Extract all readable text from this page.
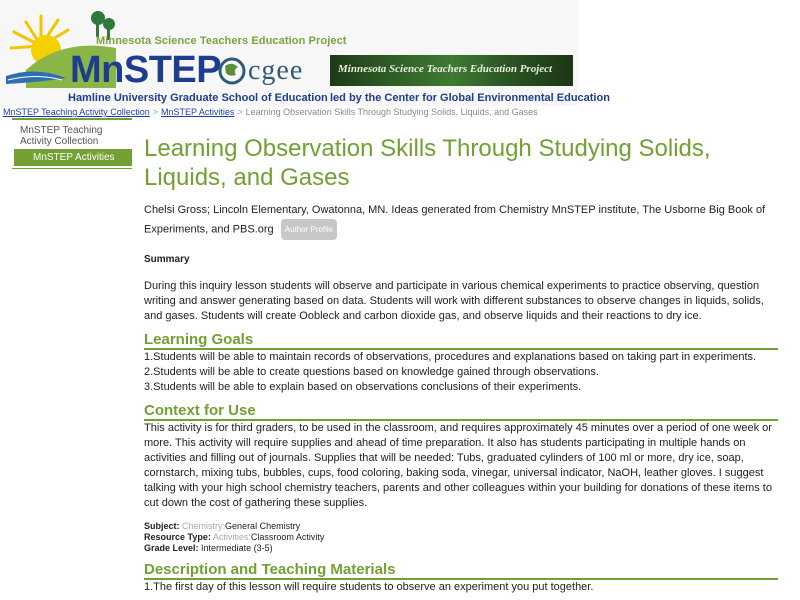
Minnesota Science Teachers Education Project
MnSTEP
Hamline University Graduate School of Education
cgee	Minnesota Science Teachers Education Project
led by the Center for Global Environmental Education
MnSTEP Teaching Activity Collection > MnSTEP Activities > Learning Observation Skills Through Studying Solids, Liquids, and Gases
MnSTEP Teaching Activity Collection
MnSTEP Activities	Learning Observation Skills Through Studying Solids, Liquids, and Gases

Chelsi Gross; Lincoln Elementary, Owatonna, MN. Ideas generated from Chemistry MnSTEP institute, The Usborne Big Book of Experiments, and PBS.org Author Profile

Summary

During this inquiry lesson students will observe and participate in various chemical experiments to practice observing, question writing and answer generating based on data. Students will work with different substances to observe changes in liquids, solids, and gases. Students will create Oobleck and carbon dioxide gas, and observe liquids and their reactions to dry ice.

Learning Goals
1.Students will be able to maintain records of observations, procedures and explanations based on taking part in experiments.
2.Students will be able to create questions based on knowledge gained through observations.
3.Students will be able to explain based on observations conclusions of their experiments.
Context for Use

This activity is for third graders, to be used in the classroom, and requires approximately 45 minutes over a period of one week or more. This activity will require supplies and ahead of time preparation. It also has students participating in multiple hands on activities and filling out of journals. Supplies that will be needed: Tubs, graduated cylinders of 100 ml or more, dry ice, soap, cornstarch, mixing tubs, bubbles, cups, food coloring, baking soda, vinegar, universal indicator, NaOH, leather gloves. I suggest talking with your high school chemistry teachers, parents and other colleagues within your building for donations of these items to cut down the cost of gathering these supplies.

Subject: Chemistry:General Chemistry
Resource Type: Activities:Classroom Activity
Grade Level: Intermediate (3-5)
Description and Teaching Materials

1.The first day of this lesson will require students to observe an experiment you put together.
